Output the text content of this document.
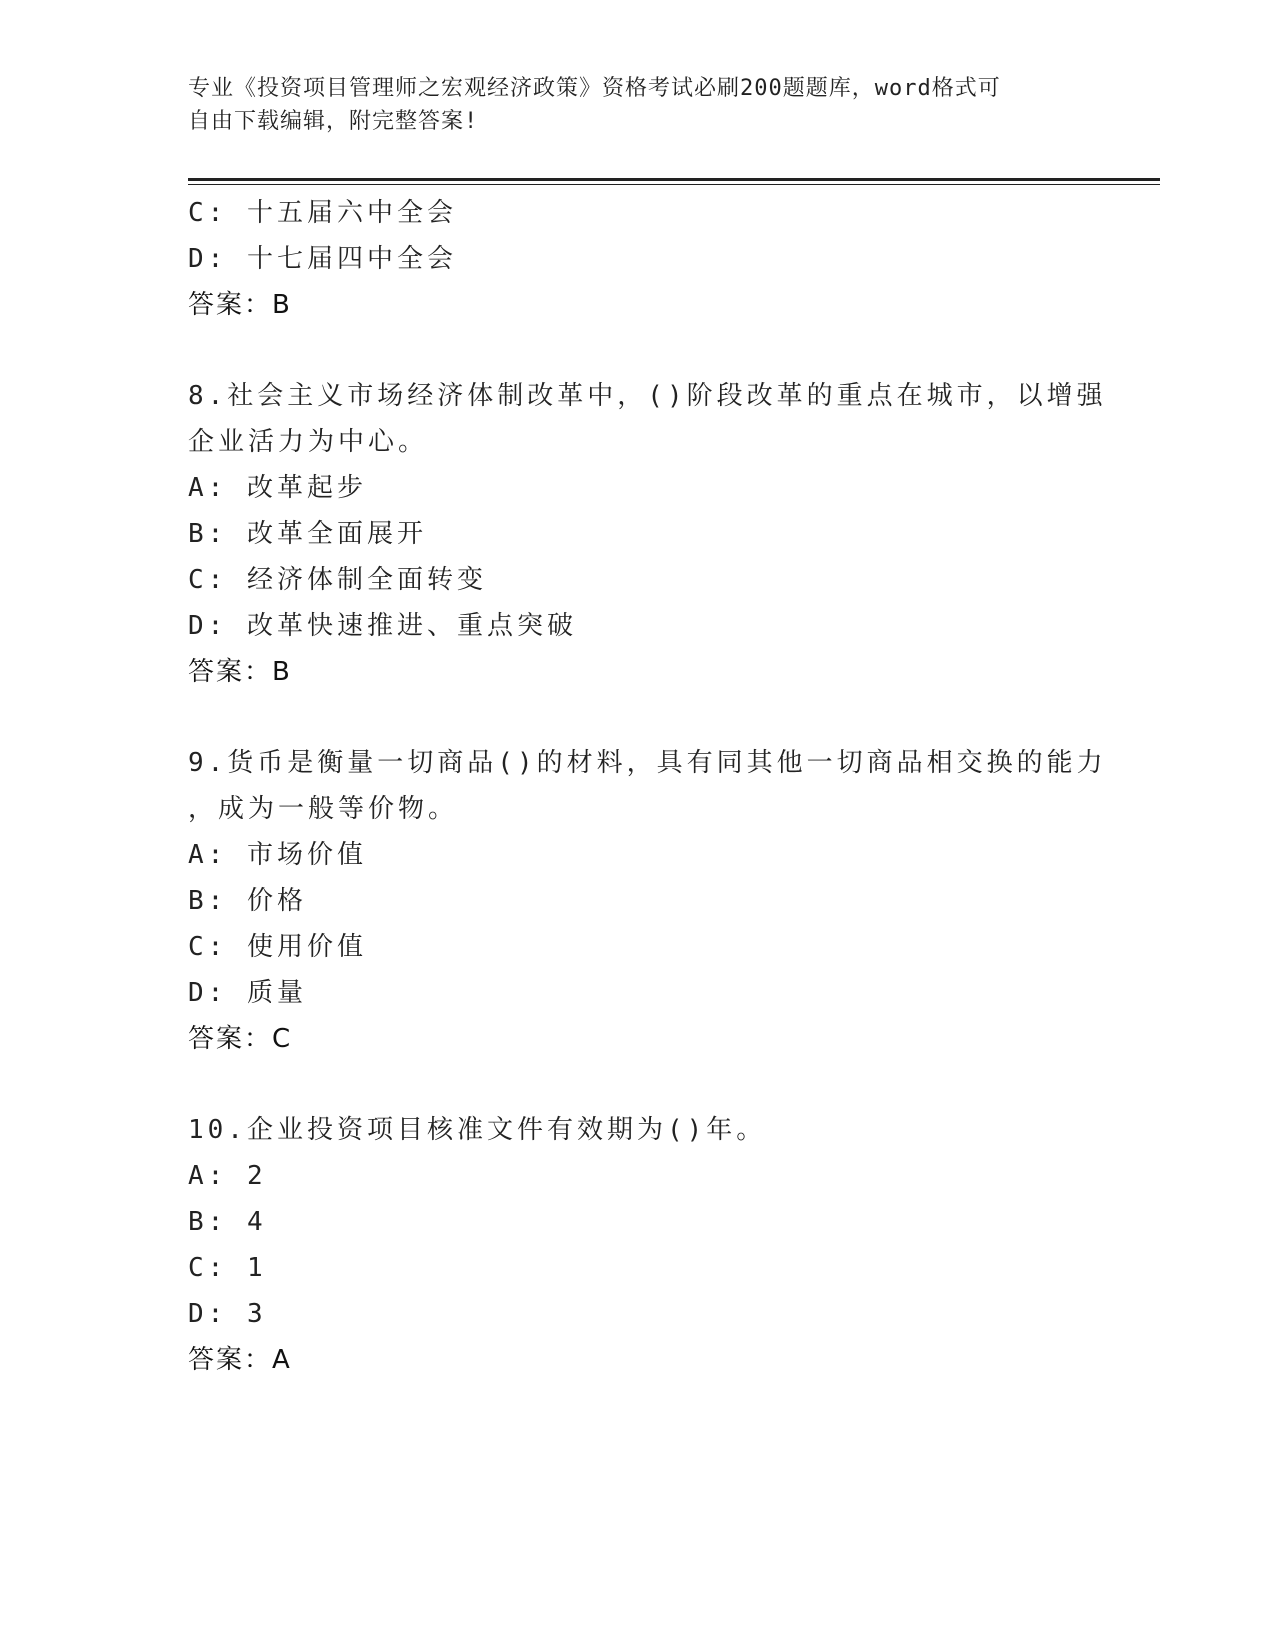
专业《投资项目管理师之宏观经济政策》资格考试必刷200题题库，word格式可
自由下载编辑，附完整答案!
C: 十五届六中全会
D: 十七届四中全会
答案：B
8.社会主义市场经济体制改革中，()阶段改革的重点在城市，以增强
企业活力为中心。
A: 改革起步
B: 改革全面展开
C: 经济体制全面转变
D: 改革快速推进、重点突破
答案：B
9.货币是衡量一切商品()的材料，具有同其他一切商品相交换的能力
，成为一般等价物。
A: 市场价值
B: 价格
C: 使用价值
D: 质量
答案：C
10.企业投资项目核准文件有效期为()年。
A: 2
B: 4
C: 1
D: 3
答案：A
